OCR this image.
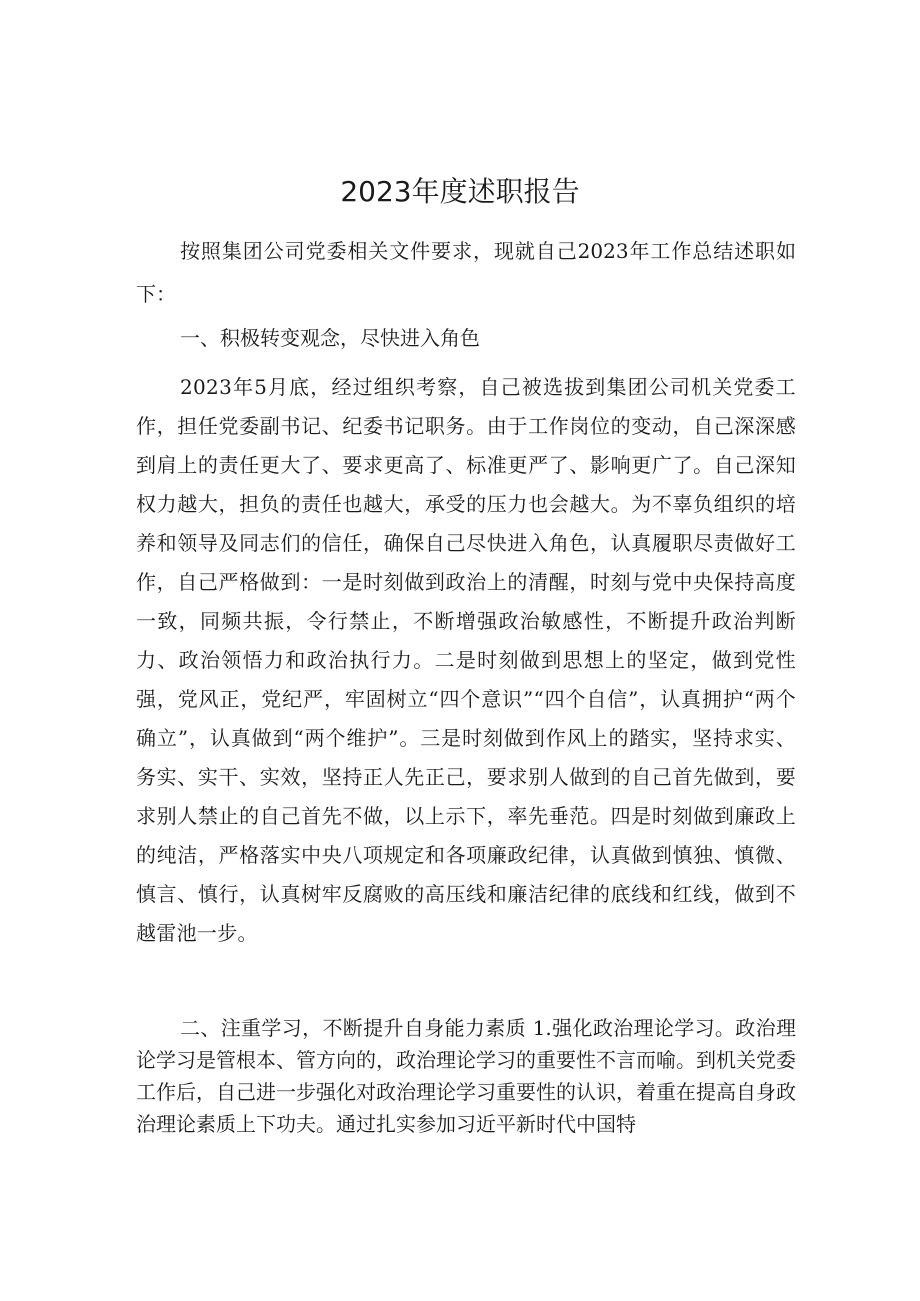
2023年度述职报告

按照集团公司党委相关文件要求，现就自己2023年工作总结述职如下：

一、积极转变观念，尽快进入角色

2023年5月底，经过组织考察，自己被选拔到集团公司机关党委工作，担任党委副书记、纪委书记职务。由于工作岗位的变动，自己深深感到肩上的责任更大了、要求更高了、标准更严了、影响更广了。自己深知权力越大，担负的责任也越大，承受的压力也会越大。为不辜负组织的培养和领导及同志们的信任，确保自己尽快进入角色，认真履职尽责做好工作，自己严格做到：一是时刻做到政治上的清醒，时刻与党中央保持高度一致，同频共振，令行禁止，不断增强政治敏感性，不断提升政治判断力、政治领悟力和政治执行力。二是时刻做到思想上的坚定，做到党性强，党风正，党纪严，牢固树立“四个意识”“四个自信”，认真拥护“两个确立”，认真做到“两个维护”。三是时刻做到作风上的踏实，坚持求实、务实、实干、实效，坚持正人先正己，要求别人做到的自己首先做到，要求别人禁止的自己首先不做，以上示下，率先垂范。四是时刻做到廉政上的纯洁，严格落实中央八项规定和各项廉政纪律，认真做到慎独、慎微、慎言、慎行，认真树牢反腐败的高压线和廉洁纪律的底线和红线，做到不越雷池一步。

二、注重学习，不断提升自身能力素质 1.强化政治理论学习。政治理论学习是管根本、管方向的，政治理论学习的重要性不言而喻。到机关党委工作后，自己进一步强化对政治理论学习重要性的认识，着重在提高自身政治理论素质上下功夫。通过扎实参加习近平新时代中国特
